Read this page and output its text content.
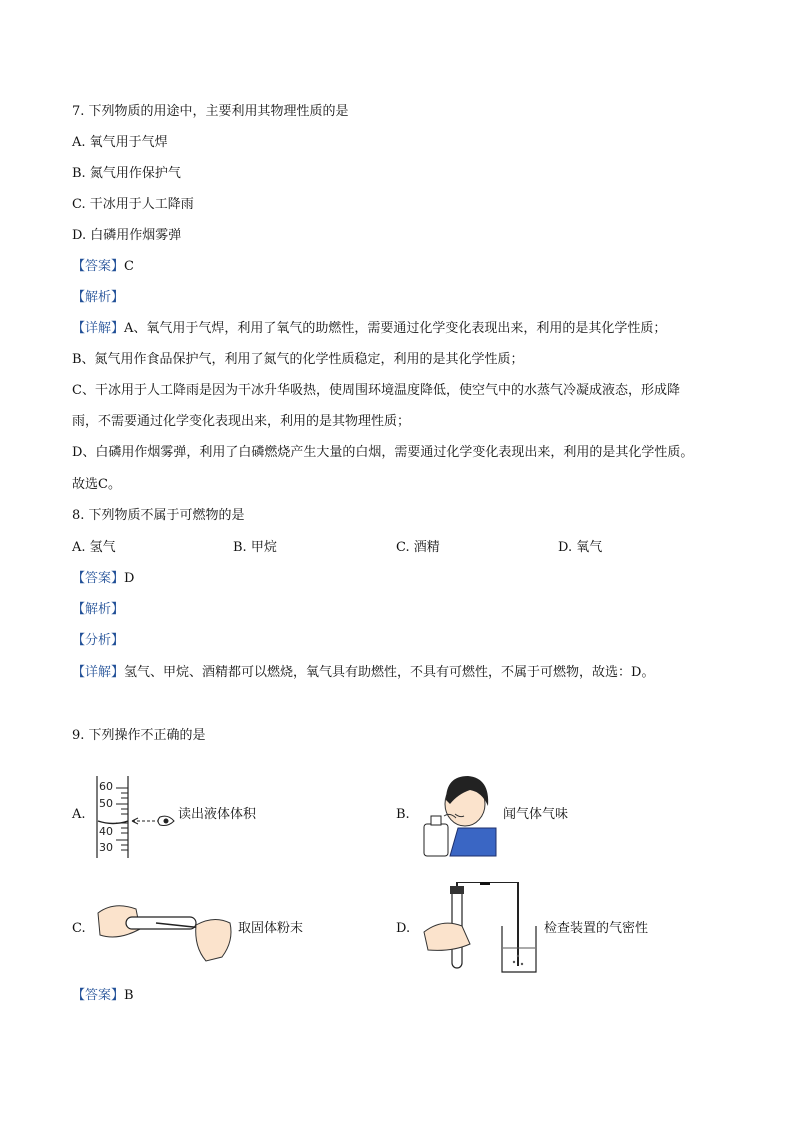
7. 下列物质的用途中，主要利用其物理性质的是
A. 氧气用于气焊
B. 氮气用作保护气
C. 干冰用于人工降雨
D. 白磷用作烟雾弹
【答案】C
【解析】
【详解】A、氧气用于气焊，利用了氧气的助燃性，需要通过化学变化表现出来，利用的是其化学性质；
B、氮气用作食品保护气，利用了氮气的化学性质稳定，利用的是其化学性质；
C、干冰用于人工降雨是因为干冰升华吸热，使周围环境温度降低，使空气中的水蒸气冷凝成液态，形成降
雨，不需要通过化学变化表现出来，利用的是其物理性质；
D、白磷用作烟雾弹，利用了白磷燃烧产生大量的白烟，需要通过化学变化表现出来，利用的是其化学性质。
故选C。
8. 下列物质不属于可燃物的是
A. 氢气	B. 甲烷	C. 酒精	D. 氧气
【答案】D
【解析】
【分析】
【详解】氢气、甲烷、酒精都可以燃烧，氧气具有助燃性，不具有可燃性，不属于可燃物，故选：D。
9. 下列操作不正确的是
A.
60
50
40
30
读出液体体积	B.	闻气体气味
C.	取固体粉末	D.	检查装置的气密性
【答案】B
